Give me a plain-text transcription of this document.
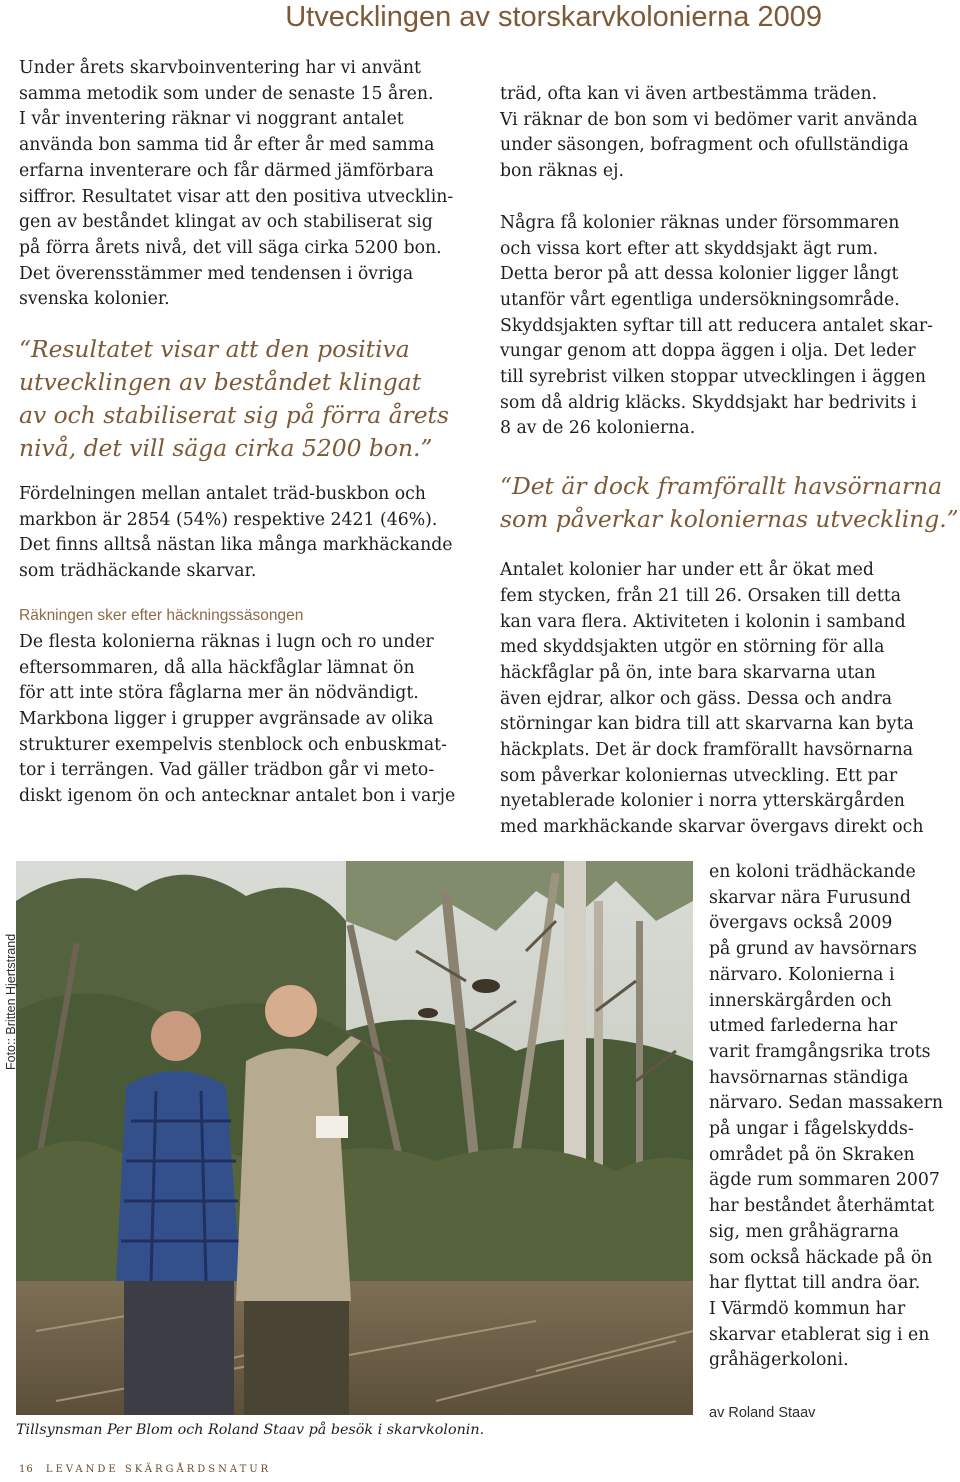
Utvecklingen av storskarvkolonierna 2009
Under årets skarvboinventering har vi använt
samma metodik som under de senaste 15 åren.
I vår inventering räknar vi noggrant antalet
använda bon samma tid år efter år med samma
erfarna inventerare och får därmed jämförbara
siffror. Resultatet visar att den positiva utvecklin-
gen av beståndet klingat av och stabiliserat sig
på förra årets nivå, det vill säga cirka 5200 bon.
Det överensstämmer med tendensen i övriga
svenska kolonier.
“Resultatet visar att den positiva
utvecklingen av beståndet klingat
av och stabiliserat sig på förra årets
nivå, det vill säga cirka 5200 bon.”
Fördelningen mellan antalet träd-buskbon och
markbon är 2854 (54%) respektive 2421 (46%).
Det finns alltså nästan lika många markhäckande
som trädhäckande skarvar.
Räkningen sker efter häckningssäsongen
De flesta kolonierna räknas i lugn och ro under
eftersommaren, då alla häckfåglar lämnat ön
för att inte störa fåglarna mer än nödvändigt.
Markbona ligger i grupper avgränsade av olika
strukturer exempelvis stenblock och enbuskmat-
tor i terrängen. Vad gäller trädbon går vi meto-
diskt igenom ön och antecknar antalet bon i varje
träd, ofta kan vi även artbestämma träden.
Vi räknar de bon som vi bedömer varit använda
under säsongen, bofragment och ofullständiga
bon räknas ej.
Några få kolonier räknas under försommaren
och vissa kort efter att skyddsjakt ägt rum.
Detta beror på att dessa kolonier ligger långt
utanför vårt egentliga undersökningsområde.
Skyddsjakten syftar till att reducera antalet skar-
vungar genom att doppa äggen i olja. Det leder
till syrebrist vilken stoppar utvecklingen i äggen
som då aldrig kläcks. Skyddsjakt har bedrivits i
8 av de 26 kolonierna.
“Det är dock framförallt havsörnarna
som påverkar koloniernas utveckling.”
Antalet kolonier har under ett år ökat med
fem stycken, från 21 till 26. Orsaken till detta
kan vara flera. Aktiviteten i kolonin i samband
med skyddsjakten utgör en störning för alla
häckfåglar på ön, inte bara skarvarna utan
även ejdrar, alkor och gäss. Dessa och andra
störningar kan bidra till att skarvarna kan byta
häckplats. Det är dock framförallt havsörnarna
som påverkar koloniernas utveckling. Ett par
nyetablerade kolonier i norra ytterskärgården
med markhäckande skarvar övergavs direkt och
Foto:: Britten Hjertstrand
en koloni trädhäckande
skarvar nära Furusund
övergavs också 2009
på grund av havsörnars
närvaro. Kolonierna i
innerskärgården och
utmed farlederna har
varit framgångsrika trots
havsörnarnas ständiga
närvaro. Sedan massakern
på ungar i fågelskydds-
området på ön Skraken
ägde rum sommaren 2007
har beståndet återhämtat
sig, men gråhägrarna
som också häckade på ön
har flyttat till andra öar.
I Värmdö kommun har
skarvar etablerat sig i en
gråhägerkoloni.
av Roland Staav
Tillsynsman Per Blom och Roland Staav på besök i skarvkolonin.
16 LEVANDE SKÄRGÅRDSNATUR
